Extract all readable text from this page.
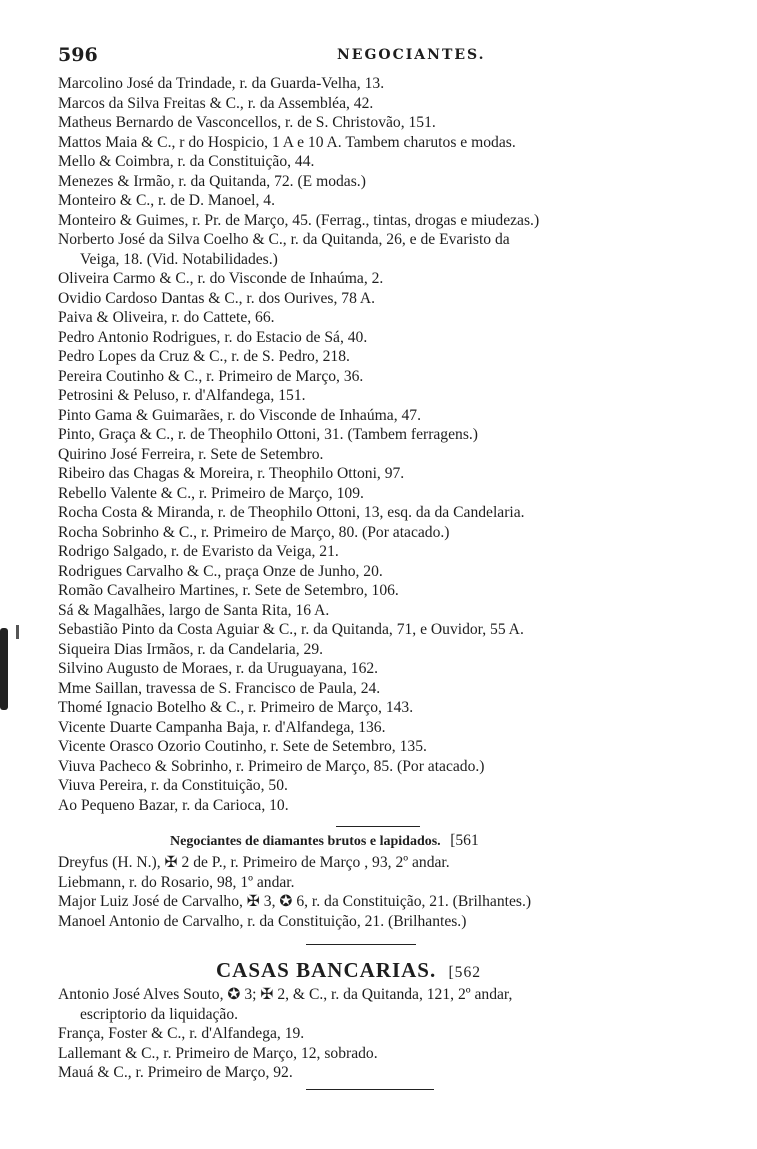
596	NEGOCIANTES.
Marcolino José da Trindade, r. da Guarda-Velha, 13.
Marcos da Silva Freitas & C., r. da Assembléa, 42.
Matheus Bernardo de Vasconcellos, r. de S. Christovão, 151.
Mattos Maia & C., r do Hospicio, 1 A e 10 A. Tambem charutos e modas.
Mello & Coimbra, r. da Constituição, 44.
Menezes & Irmão, r. da Quitanda, 72. (E modas.)
Monteiro & C., r. de D. Manoel, 4.
Monteiro & Guimes, r. Pr. de Março, 45. (Ferrag., tintas, drogas e miudezas.)
Norberto José da Silva Coelho & C., r. da Quitanda, 26, e de Evaristo da
Veiga, 18. (Vid. Notabilidades.)
Oliveira Carmo & C., r. do Visconde de Inhaúma, 2.
Ovidio Cardoso Dantas & C., r. dos Ourives, 78 A.
Paiva & Oliveira, r. do Cattete, 66.
Pedro Antonio Rodrigues, r. do Estacio de Sá, 40.
Pedro Lopes da Cruz & C., r. de S. Pedro, 218.
Pereira Coutinho & C., r. Primeiro de Março, 36.
Petrosini & Peluso, r. d'Alfandega, 151.
Pinto Gama & Guimarães, r. do Visconde de Inhaúma, 47.
Pinto, Graça & C., r. de Theophilo Ottoni, 31. (Tambem ferragens.)
Quirino José Ferreira, r. Sete de Setembro.
Ribeiro das Chagas & Moreira, r. Theophilo Ottoni, 97.
Rebello Valente & C., r. Primeiro de Março, 109.
Rocha Costa & Miranda, r. de Theophilo Ottoni, 13, esq. da da Candelaria.
Rocha Sobrinho & C., r. Primeiro de Março, 80. (Por atacado.)
Rodrigo Salgado, r. de Evaristo da Veiga, 21.
Rodrigues Carvalho & C., praça Onze de Junho, 20.
Romão Cavalheiro Martines, r. Sete de Setembro, 106.
Sá & Magalhães, largo de Santa Rita, 16 A.
Sebastião Pinto da Costa Aguiar & C., r. da Quitanda, 71, e Ouvidor, 55 A.
Siqueira Dias Irmãos, r. da Candelaria, 29.
Silvino Augusto de Moraes, r. da Uruguayana, 162.
Mme Saillan, travessa de S. Francisco de Paula, 24.
Thomé Ignacio Botelho & C., r. Primeiro de Março, 143.
Vicente Duarte Campanha Baja, r. d'Alfandega, 136.
Vicente Orasco Ozorio Coutinho, r. Sete de Setembro, 135.
Viuva Pacheco & Sobrinho, r. Primeiro de Março, 85. (Por atacado.)
Viuva Pereira, r. da Constituição, 50.
Ao Pequeno Bazar, r. da Carioca, 10.
Negociantes de diamantes brutos e lapidados. [561
Dreyfus (H. N.), ✠ 2 de P., r. Primeiro de Março , 93, 2º andar.
Liebmann, r. do Rosario, 98, 1º andar.
Major Luiz José de Carvalho, ✠ 3, ✪ 6, r. da Constituição, 21. (Brilhantes.)
Manoel Antonio de Carvalho, r. da Constituição, 21. (Brilhantes.)
CASAS BANCARIAS. [562
Antonio José Alves Souto, ✪ 3; ✠ 2, & C., r. da Quitanda, 121, 2º andar,
escriptorio da liquidação.
França, Foster & C., r. d'Alfandega, 19.
Lallemant & C., r. Primeiro de Março, 12, sobrado.
Mauá & C., r. Primeiro de Março, 92.
